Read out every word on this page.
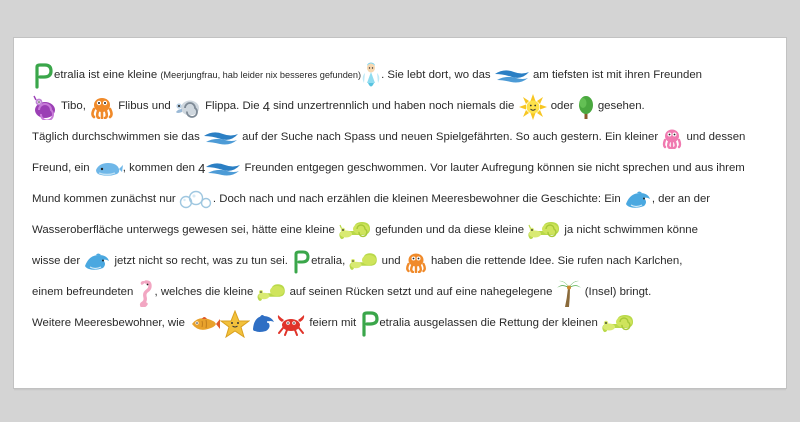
etralia ist eine kleine (Meerjungfrau, hab leider nix besseres gefunden) . Sie lebt dort, wo das	am tiefsten ist mit ihren Freunden
Tibo,
Flibus und
Flippa. Die 4 sind unzertrennlich und haben noch niemals die	oder
gesehen.
Täglich durchschwimmen sie das	auf der Suche nach Spass und neuen Spielgefährten. So auch gestern. Ein kleiner
und dessen
Freund, ein	, kommen den 4	Freunden entgegen geschwommen. Vor lauter Aufregung können sie nicht sprechen und aus ihrem
Mund kommen zunächst nur	. Doch nach und nach erzählen die kleinen Meeresbewohner die Geschichte: Ein
, der an der
Wasseroberfläche unterwegs gewesen sei, hätte eine kleine	gefunden und da diese kleine	ja nicht schwimmen könne
wisse der
jetzt nicht so recht, was zu tun sei.
etralia,	und
haben die rettende Idee. Sie rufen nach Karlchen,
einem befreundeten
, welches die kleine	auf seinen Rücken setzt und auf eine nahegelegene
(Insel) bringt.
Weitere Meeresbewohner, wie	feiern mit
etralia ausgelassen die Rettung der kleinen
